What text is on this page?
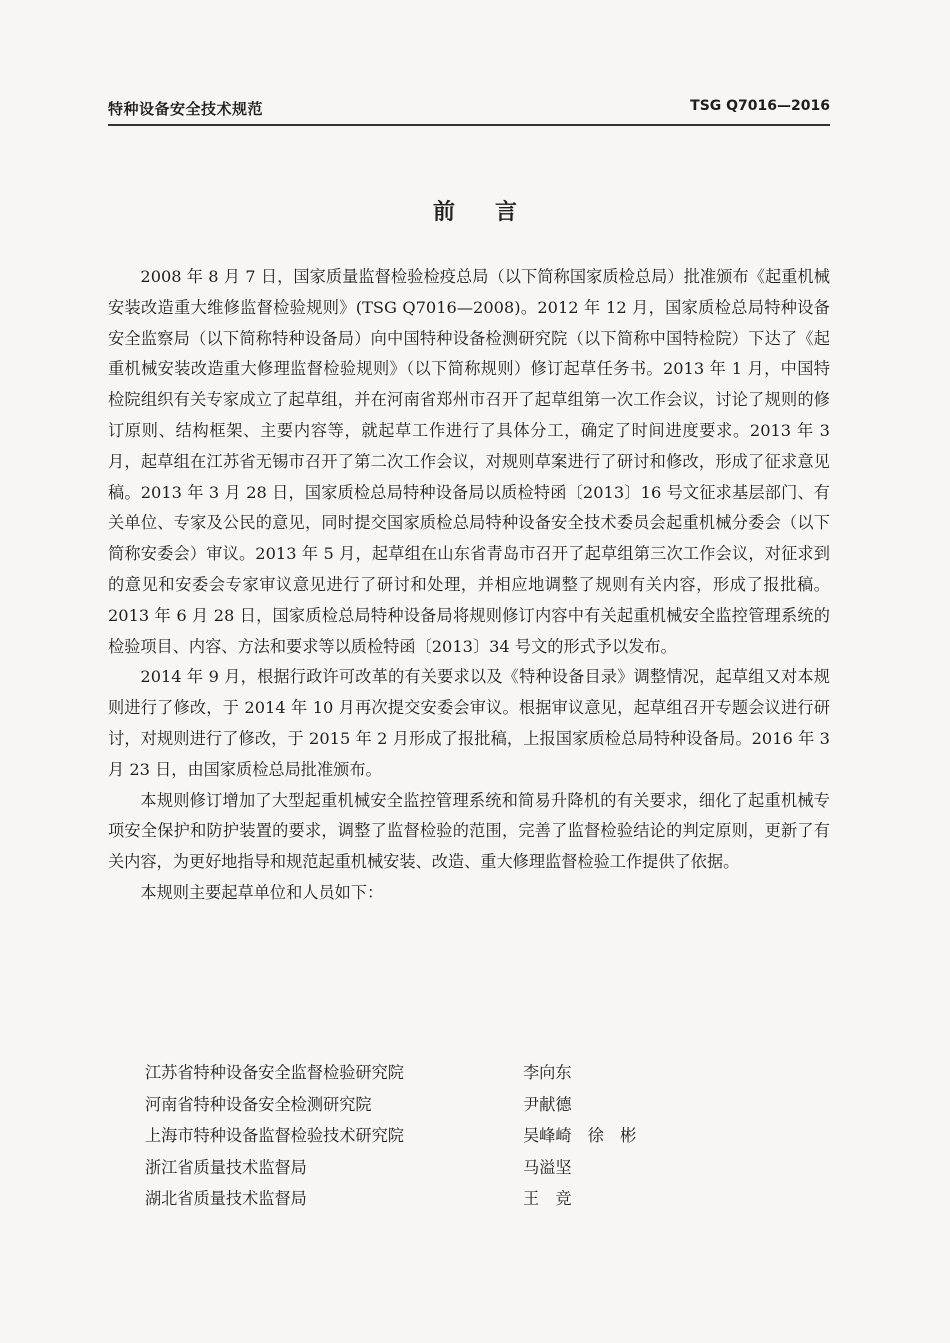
特种设备安全技术规范	TSG Q7016—2016
前言

2008 年 8 月 7 日，国家质量监督检验检疫总局（以下简称国家质检总局）批准颁布《起重机械安装改造重大维修监督检验规则》(TSG Q7016—2008)。2012 年 12 月，国家质检总局特种设备安全监察局（以下简称特种设备局）向中国特种设备检测研究院（以下简称中国特检院）下达了《起重机械安装改造重大修理监督检验规则》（以下简称规则）修订起草任务书。2013 年 1 月，中国特检院组织有关专家成立了起草组，并在河南省郑州市召开了起草组第一次工作会议，讨论了规则的修订原则、结构框架、主要内容等，就起草工作进行了具体分工，确定了时间进度要求。2013 年 3 月，起草组在江苏省无锡市召开了第二次工作会议，对规则草案进行了研讨和修改，形成了征求意见稿。2013 年 3 月 28 日，国家质检总局特种设备局以质检特函〔2013〕16 号文征求基层部门、有关单位、专家及公民的意见，同时提交国家质检总局特种设备安全技术委员会起重机械分委会（以下简称安委会）审议。2013 年 5 月，起草组在山东省青岛市召开了起草组第三次工作会议，对征求到的意见和安委会专家审议意见进行了研讨和处理，并相应地调整了规则有关内容，形成了报批稿。2013 年 6 月 28 日，国家质检总局特种设备局将规则修订内容中有关起重机械安全监控管理系统的检验项目、内容、方法和要求等以质检特函〔2013〕34 号文的形式予以发布。

2014 年 9 月，根据行政许可改革的有关要求以及《特种设备目录》调整情况，起草组又对本规则进行了修改，于 2014 年 10 月再次提交安委会审议。根据审议意见，起草组召开专题会议进行研讨，对规则进行了修改，于 2015 年 2 月形成了报批稿，上报国家质检总局特种设备局。2016 年 3 月 23 日，由国家质检总局批准颁布。

本规则修订增加了大型起重机械安全监控管理系统和简易升降机的有关要求，细化了起重机械专项安全保护和防护装置的要求，调整了监督检验的范围，完善了监督检验结论的判定原则，更新了有关内容，为更好地指导和规范起重机械安装、改造、重大修理监督检验工作提供了依据。

本规则主要起草单位和人员如下：

江苏省特种设备安全监督检验研究院	李向东
河南省特种设备安全检测研究院	尹献德
上海市特种设备监督检验技术研究院	吴峰崎　徐　彬
浙江省质量技术监督局	马溢坚
湖北省质量技术监督局	王　竞
